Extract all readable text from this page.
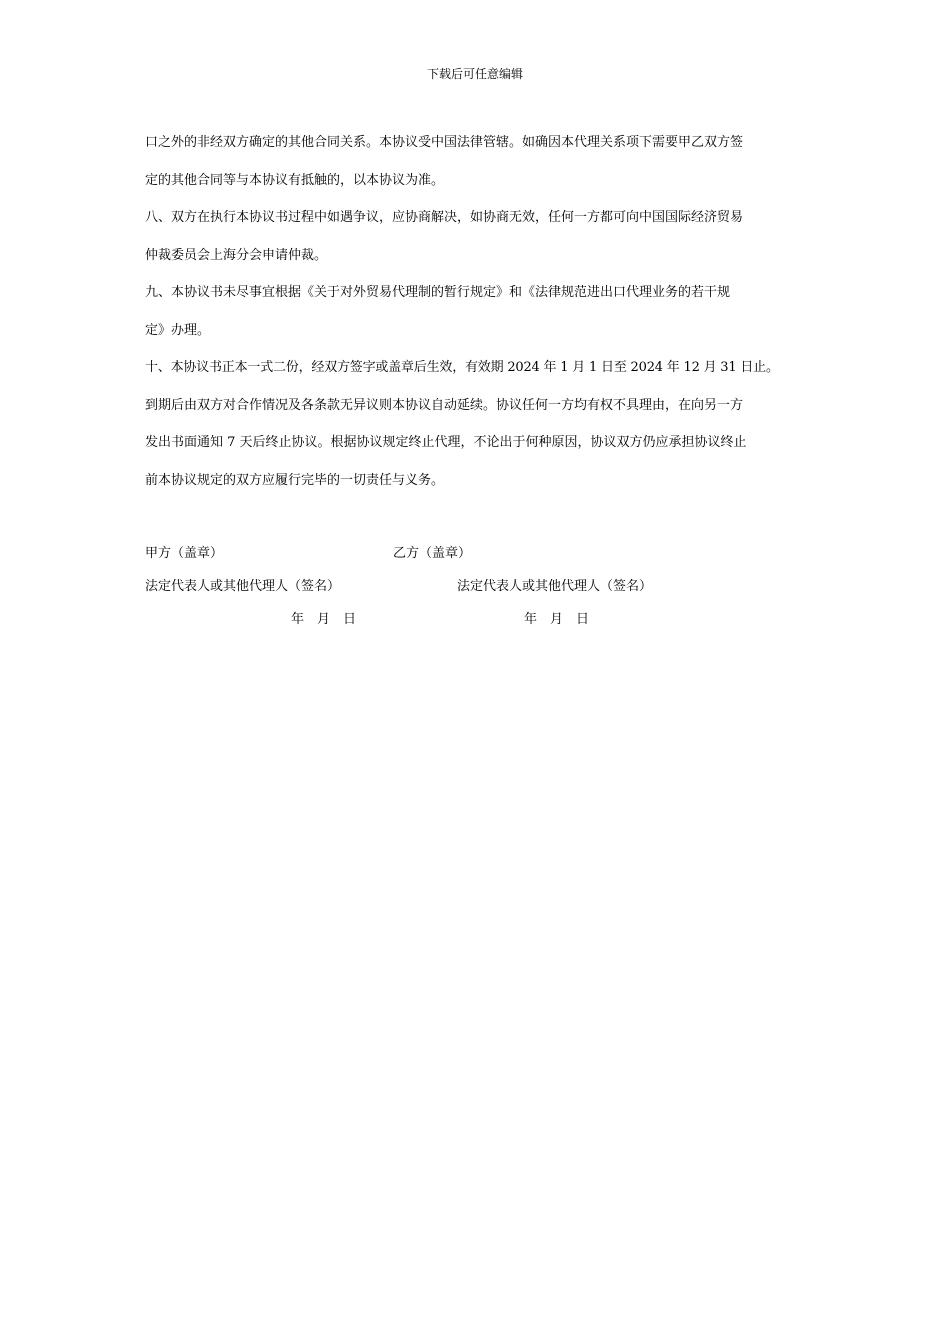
下载后可任意编辑

口之外的非经双方确定的其他合同关系。本协议受中国法律管辖。如确因本代理关系项下需要甲乙双方签

定的其他合同等与本协议有抵触的，以本协议为准。

八、双方在执行本协议书过程中如遇争议，应协商解决，如协商无效，任何一方都可向中国国际经济贸易

仲裁委员会上海分会申请仲裁。

九、本协议书未尽事宜根据《关于对外贸易代理制的暂行规定》和《法律规范进出口代理业务的若干规

定》办理。

十、本协议书正本一式二份，经双方签字或盖章后生效，有效期 2024 年 1 月 1 日至 2024 年 12 月 31 日止。

到期后由双方对合作情况及各条款无异议则本协议自动延续。协议任何一方均有权不具理由，在向另一方

发出书面通知 7 天后终止协议。根据协议规定终止代理，不论出于何种原因，协议双方仍应承担协议终止

前本协议规定的双方应履行完毕的一切责任与义务。

甲方（盖章）	乙方（盖章）
法定代表人或其他代理人（签名）	法定代表人或其他代理人（签名）
年　月　日	年　月　日
